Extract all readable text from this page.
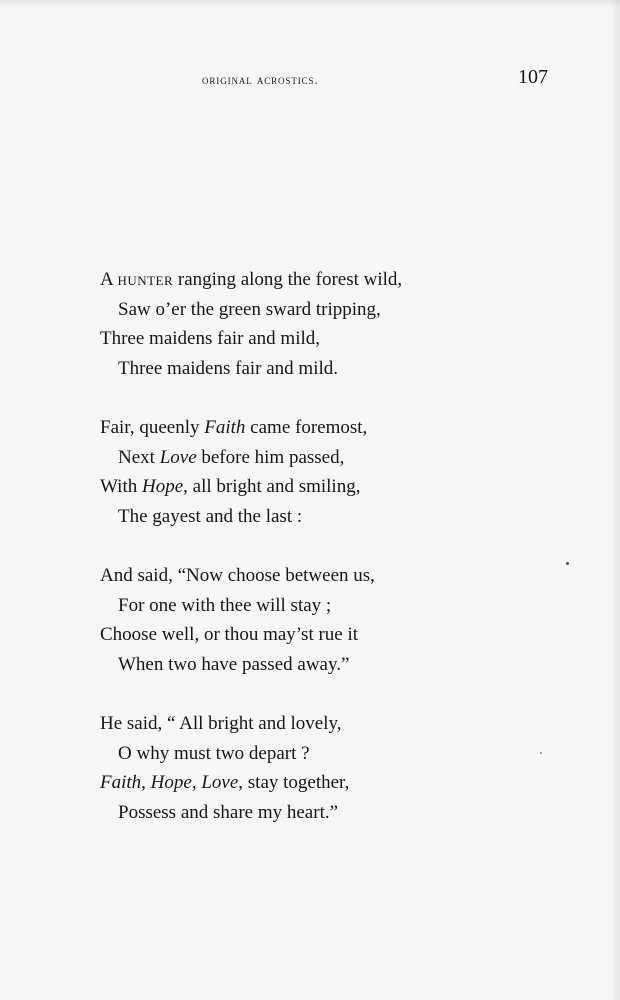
original acrostics.	107
A hunter ranging along the forest wild,
Saw o’er the green sward tripping,
Three maidens fair and mild,
Three maidens fair and mild.
Fair, queenly Faith came foremost,
Next Love before him passed,
With Hope, all bright and smiling,
The gayest and the last :
And said, “Now choose between us,
For one with thee will stay ;
Choose well, or thou may’st rue it
When two have passed away.”
He said, “ All bright and lovely,
O why must two depart ?
Faith, Hope, Love, stay together,
Possess and share my heart.”
